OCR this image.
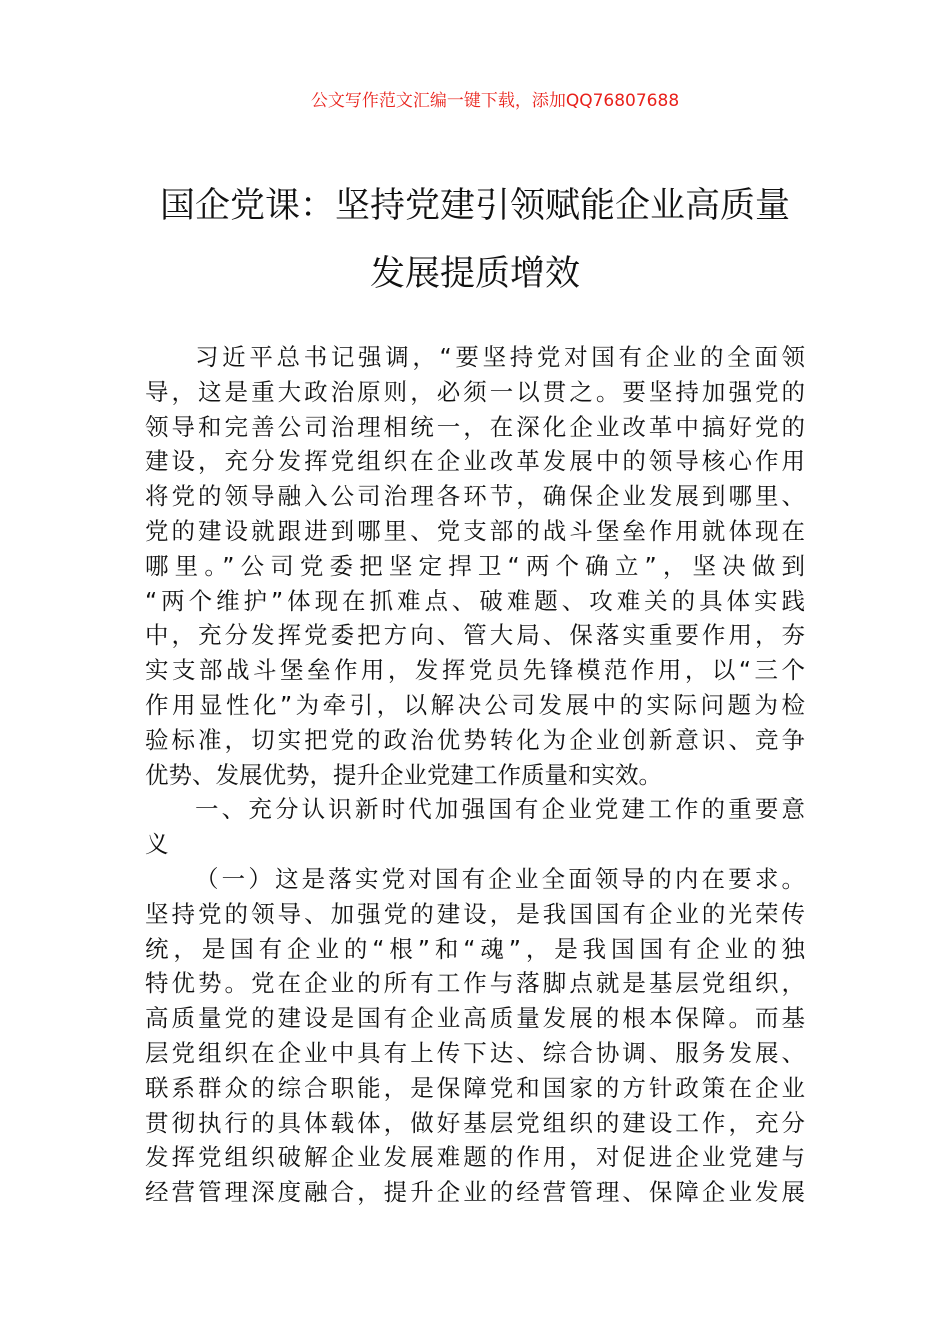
公文写作范文汇编一键下载，添加QQ76807688
国企党课：坚持党建引领赋能企业高质量
发展提质增效
习近平总书记强调，“要坚持党对国有企业的全面领
导，这是重大政治原则，必须一以贯之。要坚持加强党的
领导和完善公司治理相统一，在深化企业改革中搞好党的
建设，充分发挥党组织在企业改革发展中的领导核心作用
将党的领导融入公司治理各环节，确保企业发展到哪里、
党的建设就跟进到哪里、党支部的战斗堡垒作用就体现在
哪里。”公司党委把坚定捍卫“两个确立”，坚决做到
“两个维护”体现在抓难点、破难题、攻难关的具体实践
中，充分发挥党委把方向、管大局、保落实重要作用，夯
实支部战斗堡垒作用，发挥党员先锋模范作用，以“三个
作用显性化”为牵引，以解决公司发展中的实际问题为检
验标准，切实把党的政治优势转化为企业创新意识、竞争
优势、发展优势，提升企业党建工作质量和实效。
一、充分认识新时代加强国有企业党建工作的重要意
义
（一）这是落实党对国有企业全面领导的内在要求。
坚持党的领导、加强党的建设，是我国国有企业的光荣传
统，是国有企业的“根”和“魂”，是我国国有企业的独
特优势。党在企业的所有工作与落脚点就是基层党组织，
高质量党的建设是国有企业高质量发展的根本保障。而基
层党组织在企业中具有上传下达、综合协调、服务发展、
联系群众的综合职能，是保障党和国家的方针政策在企业
贯彻执行的具体载体，做好基层党组织的建设工作，充分
发挥党组织破解企业发展难题的作用，对促进企业党建与
经营管理深度融合，提升企业的经营管理、保障企业发展
